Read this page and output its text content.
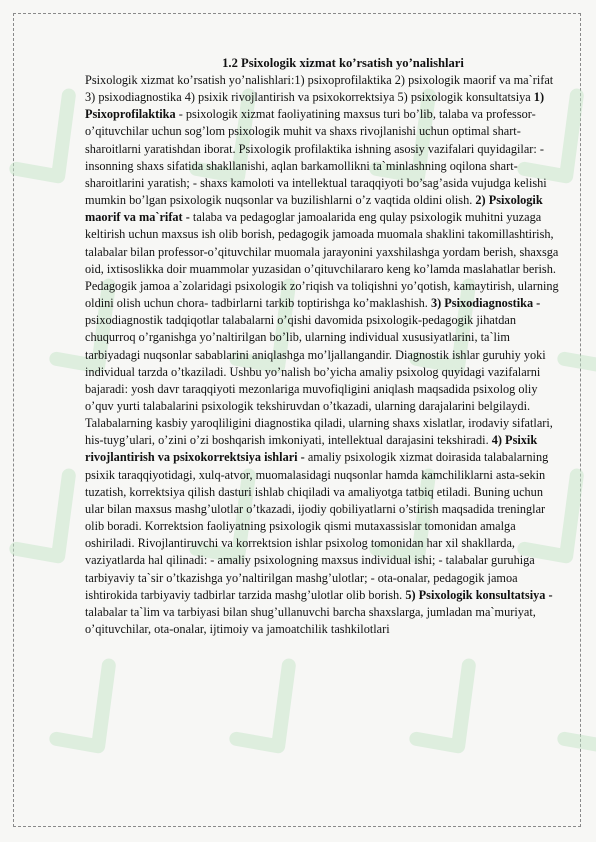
1.2 Psixologik xizmat ko’rsatish yo’nalishlari

Psixologik xizmat ko’rsatish yo’nalishlari:1) psixoprofilaktika 2) psixologik maorif va ma`rifat 3) psixodiagnostika 4) psixik rivojlantirish va psixokorrektsiya 5) psixologik konsultatsiya 1) Psixoprofilaktika - psixologik xizmat faoliyatining maxsus turi bo’lib, talaba va professor-o’qituvchilar uchun sog’lom psixologik muhit va shaxs rivojlanishi uchun optimal shart-sharoitlarni yaratishdan iborat. Psixologik profilaktika ishning asosiy vazifalari quyidagilar: - insonning shaxs sifatida shakllanishi, aqlan barkamollikni ta`minlashning oqilona shart-sharoitlarini yaratish; - shaxs kamoloti va intellektual taraqqiyoti bo’sag’asida vujudga kelishi mumkin bo’lgan psixologik nuqsonlar va buzilishlarni o’z vaqtida oldini olish. 2) Psixologik maorif va ma`rifat - talaba va pedagoglar jamoalarida eng qulay psixologik muhitni yuzaga keltirish uchun maxsus ish olib borish, pedagogik jamoada muomala shaklini takomillashtirish, talabalar bilan professor-o’qituvchilar muomala jarayonini yaxshilashga yordam berish, shaxsga oid, ixtisoslikka doir muammolar yuzasidan o’qituvchilararo keng ko’lamda maslahatlar berish. Pedagogik jamoa a`zolaridagi psixologik zo’riqish va toliqishni yo’qotish, kamaytirish, ularning oldini olish uchun chora- tadbirlarni tarkib toptirishga ko’maklashish. 3) Psixodiagnostika - psixodiagnostik tadqiqotlar talabalarni o’qishi davomida psixologik-pedagogik jihatdan chuqurroq o’rganishga yo’naltirilgan bo’lib, ularning individual xususiyatlarini, ta`lim tarbiyadagi nuqsonlar sabablarini aniqlashga mo’ljallangandir. Diagnostik ishlar guruhiy yoki individual tarzda o’tkaziladi. Ushbu yo’nalish bo’yicha amaliy psixolog quyidagi vazifalarni bajaradi: yosh davr taraqqiyoti mezonlariga muvofiqligini aniqlash maqsadida psixolog oliy o’quv yurti talabalarini psixologik tekshiruvdan o’tkazadi, ularning darajalarini belgilaydi. Talabalarning kasbiy yaroqliligini diagnostika qiladi, ularning shaxs xislatlar, irodaviy sifatlari, his-tuyg’ulari, o’zini o’zi boshqarish imkoniyati, intellektual darajasini tekshiradi. 4) Psixik rivojlantirish va psixokorrektsiya ishlari - amaliy psixologik xizmat doirasida talabalarning psixik taraqqiyotidagi, xulq-atvor, muomalasidagi nuqsonlar hamda kamchiliklarni asta-sekin tuzatish, korrektsiya qilish dasturi ishlab chiqiladi va amaliyotga tatbiq etiladi. Buning uchun ular bilan maxsus mashg’ulotlar o’tkazadi, ijodiy qobiliyatlarni o’stirish maqsadida treninglar olib boradi. Korrektsion faoliyatning psixologik qismi mutaxassislar tomonidan amalga oshiriladi. Rivojlantiruvchi va korrektsion ishlar psixolog tomonidan har xil shakllarda, vaziyatlarda hal qilinadi: - amaliy psixologning maxsus individual ishi; - talabalar guruhiga tarbiyaviy ta`sir o’tkazishga yo’naltirilgan mashg’ulotlar; - ota-onalar, pedagogik jamoa ishtirokida tarbiyaviy tadbirlar tarzida mashg’ulotlar olib borish. 5) Psixologik konsultatsiya - talabalar ta`lim va tarbiyasi bilan shug’ullanuvchi barcha shaxslarga, jumladan ma`muriyat, o’qituvchilar, ota-onalar, ijtimoiy va jamoatchilik tashkilotlari
